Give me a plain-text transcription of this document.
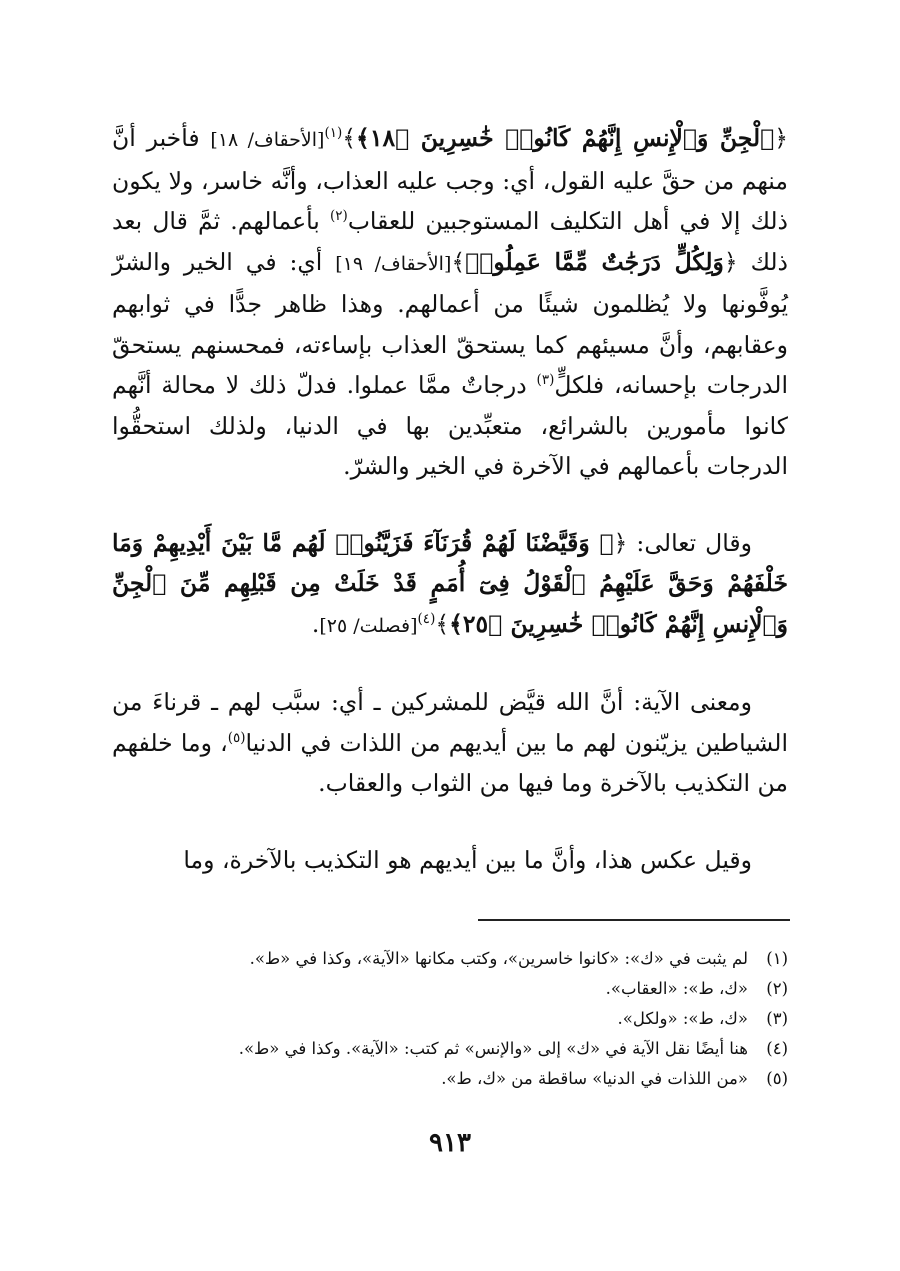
﴿ٱلْجِنِّ وَٱلْإِنسِ إِنَّهُمْ كَانُوا۟ خَٰسِرِينَ ﴿١٨﴾﴾$^{(١)}$[الأحقاف/ ١٨] فأخبر أنَّ منهم من حقَّ عليه القول، أي: وجب عليه العذاب، وأنَّه خاسر، ولا يكون ذلك إلا في أهل التكليف المستوجبين للعقاب$^{(٢)}$ بأعمالهم. ثمَّ قال بعد ذلك ﴿وَلِكُلٍّ دَرَجَٰتٌ مِّمَّا عَمِلُوا۟﴾[الأحقاف/ ١٩] أي: في الخير والشرّ يُوفَّونها ولا يُظلمون شيئًا من أعمالهم. وهذا ظاهر جدًّا في ثوابهم وعقابهم، وأنَّ مسيئهم كما يستحقّ العذاب بإساءته، فمحسنهم يستحقّ الدرجات بإحسانه، فلكلٍّ$^{(٣)}$ درجاتٌ ممَّا عملوا. فدلّ ذلك لا محالة أنَّهم كانوا مأمورين بالشرائع، متعبِّدين بها في الدنيا، ولذلك استحقُّوا الدرجات بأعمالهم في الآخرة في الخير والشرّ.

وقال تعالى: ﴿۞ وَقَيَّضْنَا لَهُمْ قُرَنَآءَ فَزَيَّنُوا۟ لَهُم مَّا بَيْنَ أَيْدِيهِمْ وَمَا خَلْفَهُمْ وَحَقَّ عَلَيْهِمُ ٱلْقَوْلُ فِىٓ أُمَمٍ قَدْ خَلَتْ مِن قَبْلِهِم مِّنَ ٱلْجِنِّ وَٱلْإِنسِ إِنَّهُمْ كَانُوا۟ خَٰسِرِينَ ﴿٢٥﴾﴾$^{(٤)}$[فصلت/ ٢٥].

ومعنى الآية: أنَّ الله قيَّض للمشركين ـ أي: سبَّب لهم ـ قرناءَ من الشياطين يزيّنون لهم ما بين أيديهم من اللذات في الدنيا$^{(٥)}$، وما خلفهم من التكذيب بالآخرة وما فيها من الثواب والعقاب.

وقيل عكس هذا، وأنَّ ما بين أيديهم هو التكذيب بالآخرة، وما

(١)
لم يثبت في «ك»: «كانوا خاسرين»، وكتب مكانها «الآية»، وكذا في «ط».
(٢)
«ك، ط»: «العقاب».
(٣)
«ك، ط»: «ولكل».
(٤)
هنا أيضًا نقل الآية في «ك» إلى «والإنس» ثم كتب: «الآية». وكذا في «ط».
(٥)
«من اللذات في الدنيا» ساقطة من «ك، ط».
٩١٣
